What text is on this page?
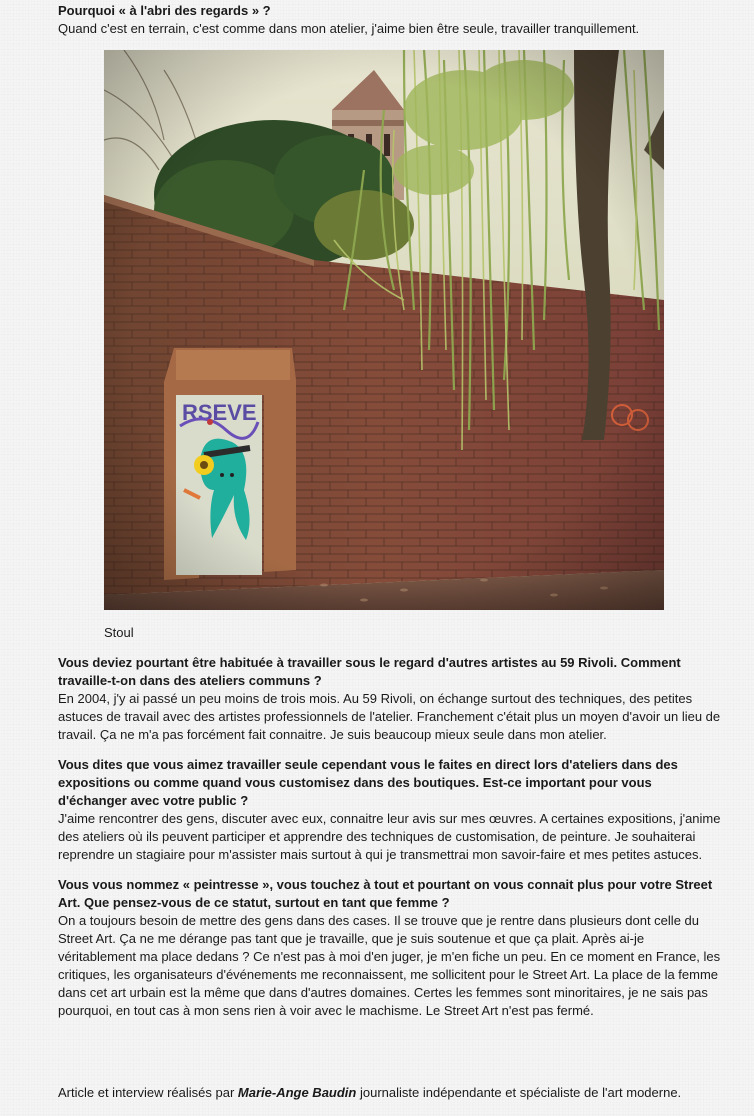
Pourquoi « à l'abri des regards » ?

Quand c'est en terrain, c'est comme dans mon atelier, j'aime bien être seule, travailler tranquillement.

Stoul

Vous deviez pourtant être habituée à travailler sous le regard d'autres artistes au 59 Rivoli. Comment travaille-t-on dans des ateliers communs ?

En 2004, j'y ai passé un peu moins de trois mois. Au 59 Rivoli, on échange surtout des techniques, des petites astuces de travail avec des artistes professionnels de l'atelier. Franchement c'était plus un moyen d'avoir un lieu de travail. Ça ne m'a pas forcément fait connaitre. Je suis beaucoup mieux seule dans mon atelier.

Vous dites que vous aimez travailler seule cependant vous le faites en direct lors d'ateliers dans des expositions ou comme quand vous customisez dans des boutiques. Est-ce important pour vous d'échanger avec votre public ?

J'aime rencontrer des gens, discuter avec eux, connaitre leur avis sur mes œuvres. A certaines expositions, j'anime des ateliers où ils peuvent participer et apprendre des techniques de customisation, de peinture. Je souhaiterai reprendre un stagiaire pour m'assister mais surtout à qui je transmettrai mon savoir-faire et mes petites astuces.

Vous vous nommez « peintresse », vous touchez à tout et pourtant on vous connait plus pour votre Street Art. Que pensez-vous de ce statut, surtout en tant que femme ?

On a toujours besoin de mettre des gens dans des cases. Il se trouve que je rentre dans plusieurs dont celle du Street Art. Ça ne me dérange pas tant que je travaille, que je suis soutenue et que ça plait. Après ai-je véritablement ma place dedans ? Ce n'est pas à moi d'en juger, je m'en fiche un peu. En ce moment en France, les critiques, les organisateurs d'événements me reconnaissent, me sollicitent pour le Street Art. La place de la femme dans cet art urbain est la même que dans d'autres domaines. Certes les femmes sont minoritaires, je ne sais pas pourquoi, en tout cas à mon sens rien à voir avec le machisme. Le Street Art n'est pas fermé.

Article et interview réalisés par Marie-Ange Baudin journaliste indépendante et spécialiste de l'art moderne.
